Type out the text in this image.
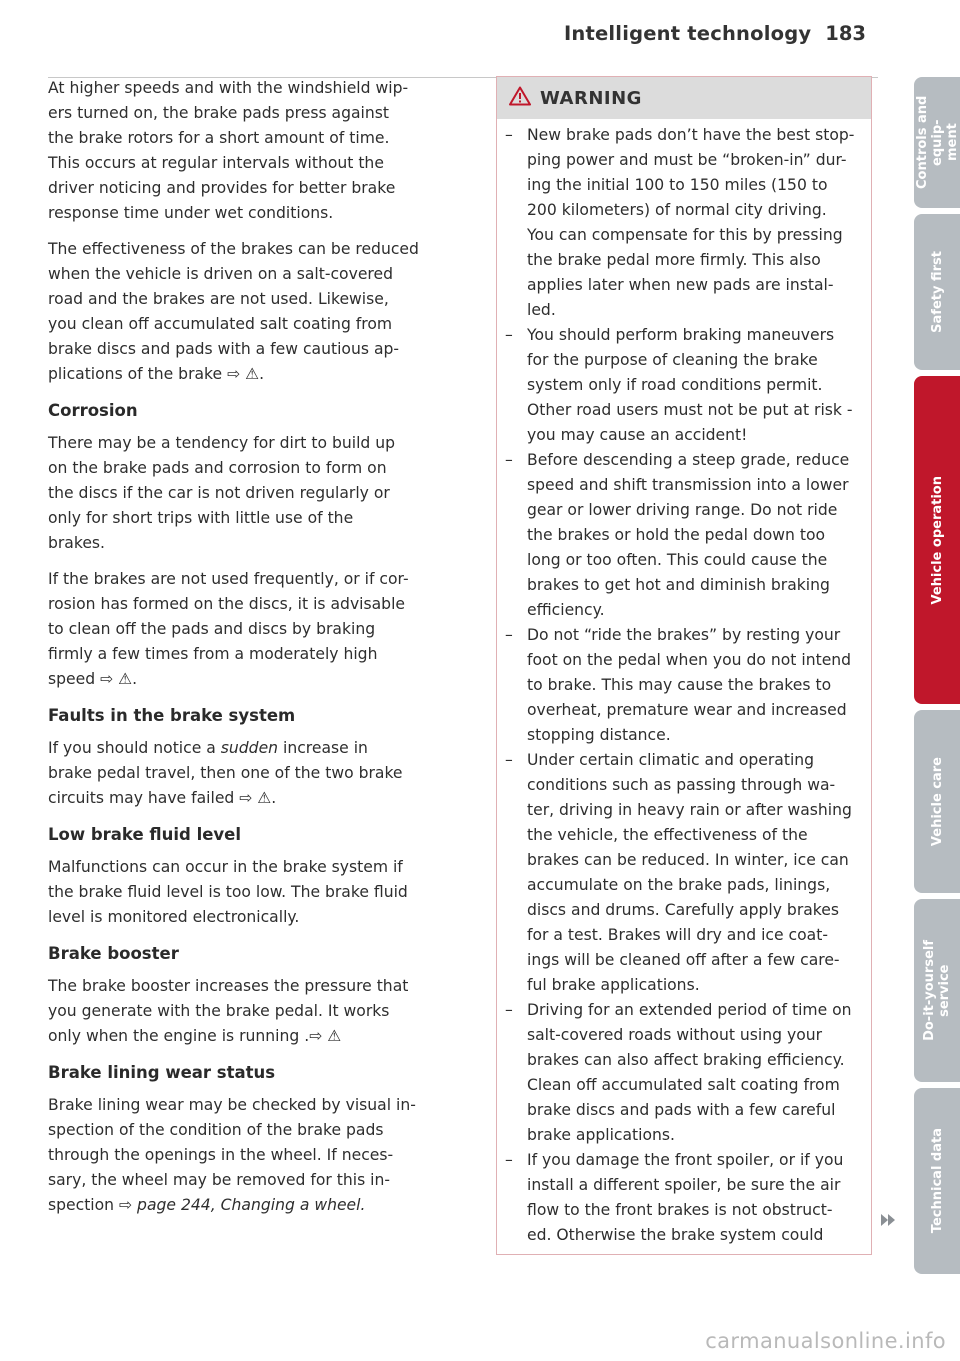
Intelligent technology 183

At higher speeds and with the windshield wip-
ers turned on, the brake pads press against
the brake rotors for a short amount of time.
This occurs at regular intervals without the
driver noticing and provides for better brake
response time under wet conditions.

The effectiveness of the brakes can be reduced
when the vehicle is driven on a salt-covered
road and the brakes are not used. Likewise,
you clean off accumulated salt coating from
brake discs and pads with a few cautious ap-
plications of the brake ⇨ ⚠.

Corrosion

There may be a tendency for dirt to build up
on the brake pads and corrosion to form on
the discs if the car is not driven regularly or
only for short trips with little use of the
brakes.

If the brakes are not used frequently, or if cor-
rosion has formed on the discs, it is advisable
to clean off the pads and discs by braking
firmly a few times from a moderately high
speed ⇨ ⚠.

Faults in the brake system

If you should notice a sudden increase in
brake pedal travel, then one of the two brake
circuits may have failed ⇨ ⚠.

Low brake fluid level

Malfunctions can occur in the brake system if
the brake fluid level is too low. The brake fluid
level is monitored electronically.

Brake booster

The brake booster increases the pressure that
you generate with the brake pedal. It works
only when the engine is running .⇨ ⚠

Brake lining wear status

Brake lining wear may be checked by visual in-
spection of the condition of the brake pads
through the openings in the wheel. If neces-
sary, the wheel may be removed for this in-
spection ⇨ page 244, Changing a wheel.

WARNING
– New brake pads don’t have the best stop-
ping power and must be “broken-in” dur-
ing the initial 100 to 150 miles (150 to
200 kilometers) of normal city driving.
You can compensate for this by pressing
the brake pedal more firmly. This also
applies later when new pads are instal-
led.
– You should perform braking maneuvers
for the purpose of cleaning the brake
system only if road conditions permit.
Other road users must not be put at risk -
you may cause an accident!
– Before descending a steep grade, reduce
speed and shift transmission into a lower
gear or lower driving range. Do not ride
the brakes or hold the pedal down too
long or too often. This could cause the
brakes to get hot and diminish braking
efficiency.
– Do not “ride the brakes” by resting your
foot on the pedal when you do not intend
to brake. This may cause the brakes to
overheat, premature wear and increased
stopping distance.
– Under certain climatic and operating
conditions such as passing through wa-
ter, driving in heavy rain or after washing
the vehicle, the effectiveness of the
brakes can be reduced. In winter, ice can
accumulate on the brake pads, linings,
discs and drums. Carefully apply brakes
for a test. Brakes will dry and ice coat-
ings will be cleaned off after a few care-
ful brake applications.
– Driving for an extended period of time on
salt-covered roads without using your
brakes can also affect braking efficiency.
Clean off accumulated salt coating from
brake discs and pads with a few careful
brake applications.
– If you damage the front spoiler, or if you
install a different spoiler, be sure the air
flow to the front brakes is not obstruct-
ed. Otherwise the brake system could
Controls and equip-
ment
Safety first
Vehicle operation
Vehicle care
Do-it-yourself
service
Technical data
carmanualsonline.info
